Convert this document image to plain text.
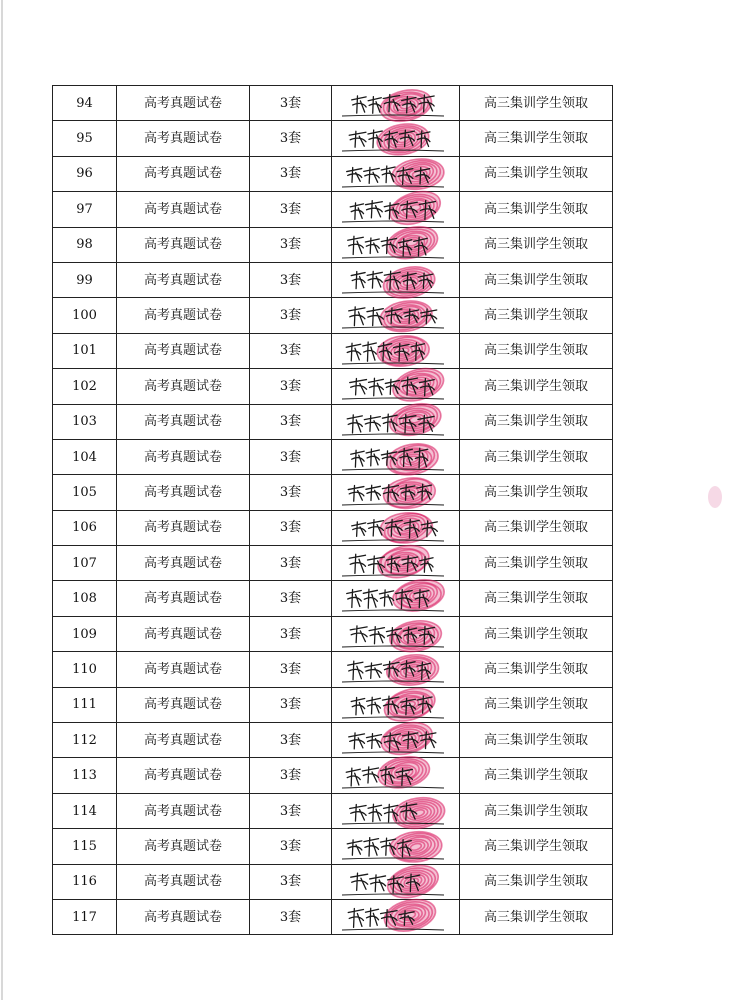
94	高考真题试卷	3套		高三集训学生领取
95	高考真题试卷	3套		高三集训学生领取
96	高考真题试卷	3套		高三集训学生领取
97	高考真题试卷	3套		高三集训学生领取
98	高考真题试卷	3套		高三集训学生领取
99	高考真题试卷	3套		高三集训学生领取
100	高考真题试卷	3套		高三集训学生领取
101	高考真题试卷	3套		高三集训学生领取
102	高考真题试卷	3套		高三集训学生领取
103	高考真题试卷	3套		高三集训学生领取
104	高考真题试卷	3套		高三集训学生领取
105	高考真题试卷	3套		高三集训学生领取
106	高考真题试卷	3套		高三集训学生领取
107	高考真题试卷	3套		高三集训学生领取
108	高考真题试卷	3套		高三集训学生领取
109	高考真题试卷	3套		高三集训学生领取
110	高考真题试卷	3套		高三集训学生领取
111	高考真题试卷	3套		高三集训学生领取
112	高考真题试卷	3套		高三集训学生领取
113	高考真题试卷	3套		高三集训学生领取
114	高考真题试卷	3套		高三集训学生领取
115	高考真题试卷	3套		高三集训学生领取
116	高考真题试卷	3套		高三集训学生领取
117	高考真题试卷	3套		高三集训学生领取
